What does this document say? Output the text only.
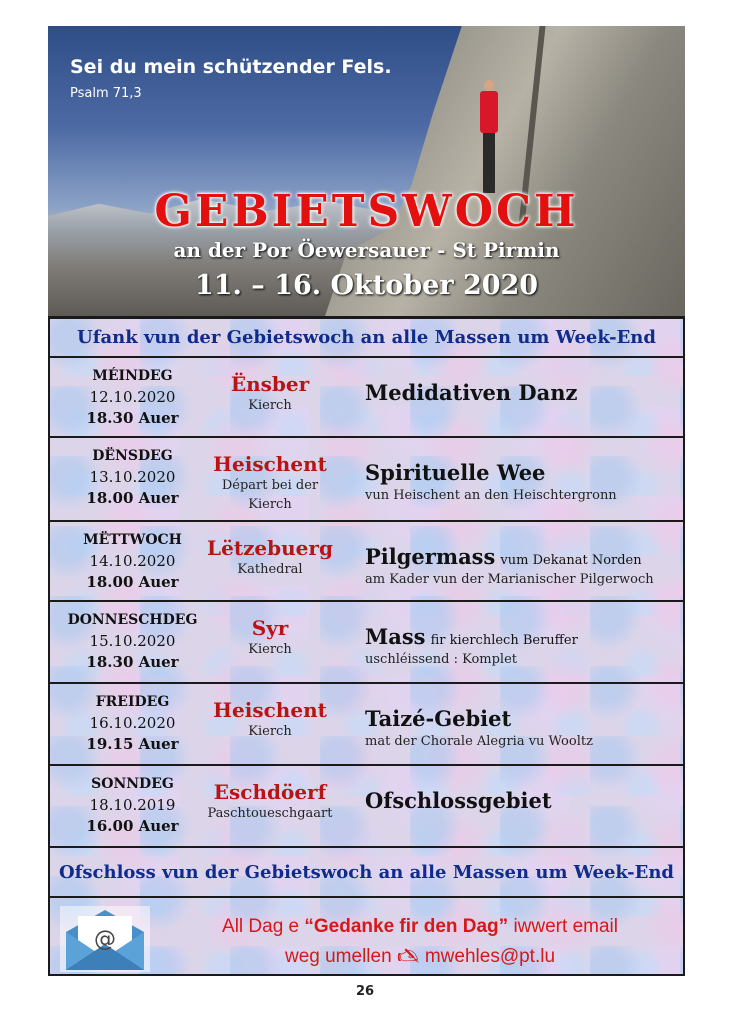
Sei du mein schützender Fels.

Psalm 71,3

GEBIETSWOCH

an der Por Öewersauer - St Pirmin

11. – 16. Oktober 2020

Ufank vun der Gebietswoch an alle Massen um Week-End
MÉINDEG
12.10.2020
18.30 Auer
Ënsber
Kierch
Medidativen Danz
DËNSDEG
13.10.2020
18.00 Auer
Heischent
Départ bei der
Kierch
Spirituelle Wee
vun Heischent an den Heischtergronn
MËTTWOCH
14.10.2020
18.00 Auer
Lëtzebuerg
Kathedral
Pilgermass vum Dekanat Norden
am Kader vun der Marianischer Pilgerwoch
DONNESCHDEG
15.10.2020
18.30 Auer
Syr
Kierch
Mass fir kierchlech Beruffer
uschléissend : Komplet
FREIDEG
16.10.2020
19.15 Auer
Heischent
Kierch
Taizé-Gebiet
mat der Chorale Alegria vu Wooltz
SONNDEG
18.10.2019
16.00 Auer
Eschdöerf
Paschtoueschgaart
Ofschlossgebiet
Ofschloss vun der Gebietswoch an alle Massen um Week-End
@

All Dag e “Gedanke fir den Dag” iwwert email

weg umellen 🖎 mwehles@pt.lu

26
